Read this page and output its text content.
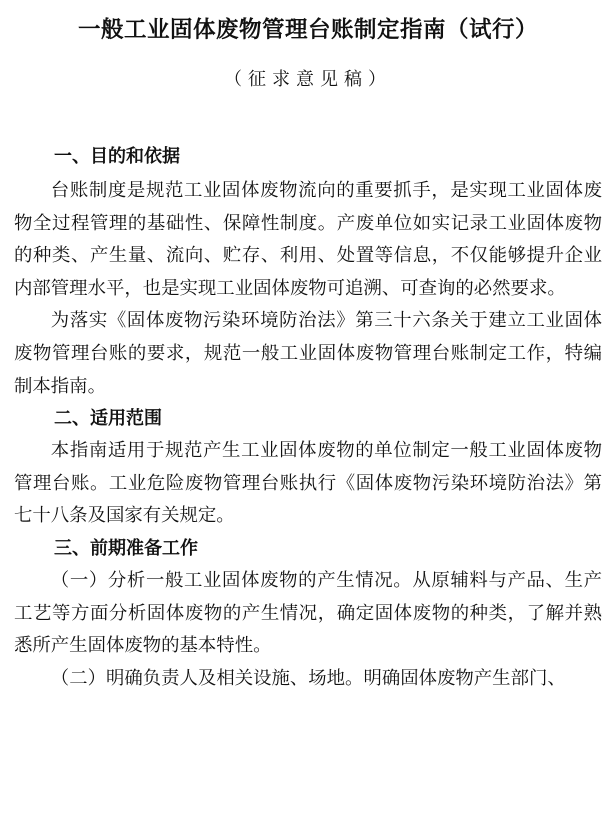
一般工业固体废物管理台账制定指南（试行）
（征求意见稿）
一、目的和依据

台账制度是规范工业固体废物流向的重要抓手，是实现工业固体废物全过程管理的基础性、保障性制度。产废单位如实记录工业固体废物的种类、产生量、流向、贮存、利用、处置等信息，不仅能够提升企业内部管理水平，也是实现工业固体废物可追溯、可查询的必然要求。

为落实《固体废物污染环境防治法》第三十六条关于建立工业固体废物管理台账的要求，规范一般工业固体废物管理台账制定工作，特编制本指南。

二、适用范围

本指南适用于规范产生工业固体废物的单位制定一般工业固体废物管理台账。工业危险废物管理台账执行《固体废物污染环境防治法》第七十八条及国家有关规定。

三、前期准备工作

（一）分析一般工业固体废物的产生情况。从原辅料与产品、生产工艺等方面分析固体废物的产生情况，确定固体废物的种类，了解并熟悉所产生固体废物的基本特性。

（二）明确负责人及相关设施、场地。明确固体废物产生部门、
